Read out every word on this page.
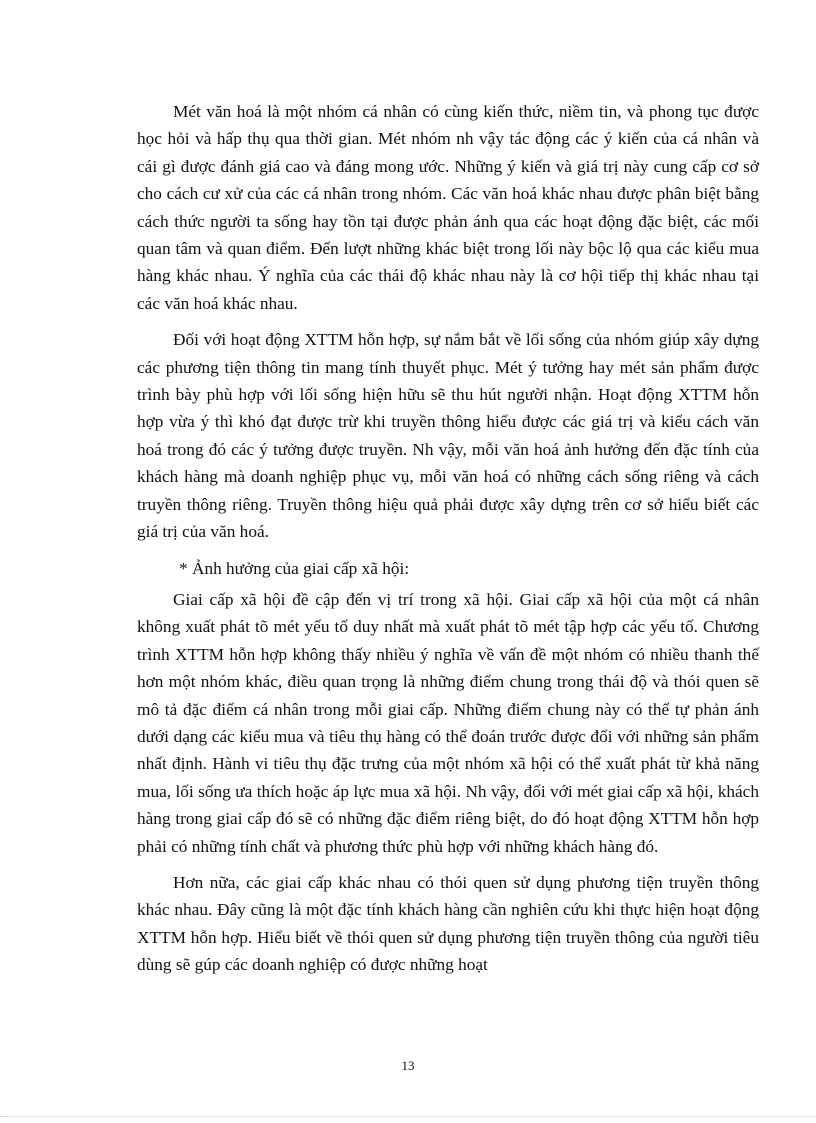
Mét văn hoá là một nhóm cá nhân có cùng kiến thức, niềm tin, và phong tục được học hỏi và hấp thụ qua thời gian. Mét nhóm nh vậy tác động các ý kiến của cá nhân và cái gì được đánh giá cao và đáng mong ước. Những ý kiến và giá trị này cung cấp cơ sở cho cách cư xử của các cá nhân trong nhóm. Các văn hoá khác nhau được phân biệt bằng cách thức người ta sống hay tồn tại được phản ánh qua các hoạt động đặc biệt, các mối quan tâm và quan điểm. Đến lượt những khác biệt trong lối này bộc lộ qua các kiểu mua hàng khác nhau. Ý nghĩa của các thái độ khác nhau này là cơ hội tiếp thị khác nhau tại các văn hoá khác nhau.

Đối với hoạt động XTTM hỗn hợp, sự nắm bắt về lối sống của nhóm giúp xây dựng các phương tiện thông tin mang tính thuyết phục. Mét ý tưởng hay mét sản phẩm được trình bày phù hợp với lối sống hiện hữu sẽ thu hút người nhận. Hoạt động XTTM hỗn hợp vừa ý thì khó đạt được trừ khi truyền thông hiểu được các giá trị và kiểu cách văn hoá trong đó các ý tưởng được truyền. Nh vậy, mỗi văn hoá ảnh hưởng đến đặc tính của khách hàng mà doanh nghiệp phục vụ, mỗi văn hoá có những cách sống riêng và cách truyền thông riêng. Truyền thông hiệu quả phải được xây dựng trên cơ sở hiểu biết các giá trị của văn hoá.

* Ảnh hưởng của giai cấp xã hội:

Giai cấp xã hội đề cập đến vị trí trong xã hội. Giai cấp xã hội của một cá nhân không xuất phát tõ mét yếu tố duy nhất mà xuất phát tõ mét tập hợp các yếu tố. Chương trình XTTM hỗn hợp không thấy nhiều ý nghĩa về vấn đề một nhóm có nhiều thanh thế hơn một nhóm khác, điều quan trọng là những điểm chung trong thái độ và thói quen sẽ mô tả đặc điểm cá nhân trong mỗi giai cấp. Những điểm chung này có thể tự phản ánh dưới dạng các kiểu mua và tiêu thụ hàng có thể đoán trước được đối với những sản phẩm nhất định. Hành vi tiêu thụ đặc trưng của một nhóm xã hội có thể xuất phát từ khả năng mua, lối sống ưa thích hoặc áp lực mua xã hội. Nh vậy, đối với mét giai cấp xã hội, khách hàng trong giai cấp đó sẽ có những đặc điểm riêng biệt, do đó hoạt động XTTM hỗn hợp phải có những tính chất và phương thức phù hợp với những khách hàng đó.

Hơn nữa, các giai cấp khác nhau có thói quen sử dụng phương tiện truyền thông khác nhau. Đây cũng là một đặc tính khách hàng cần nghiên cứu khi thực hiện hoạt động XTTM hỗn hợp. Hiểu biết về thói quen sử dụng phương tiện truyền thông của người tiêu dùng sẽ gúp các doanh nghiệp có được những hoạt

13
